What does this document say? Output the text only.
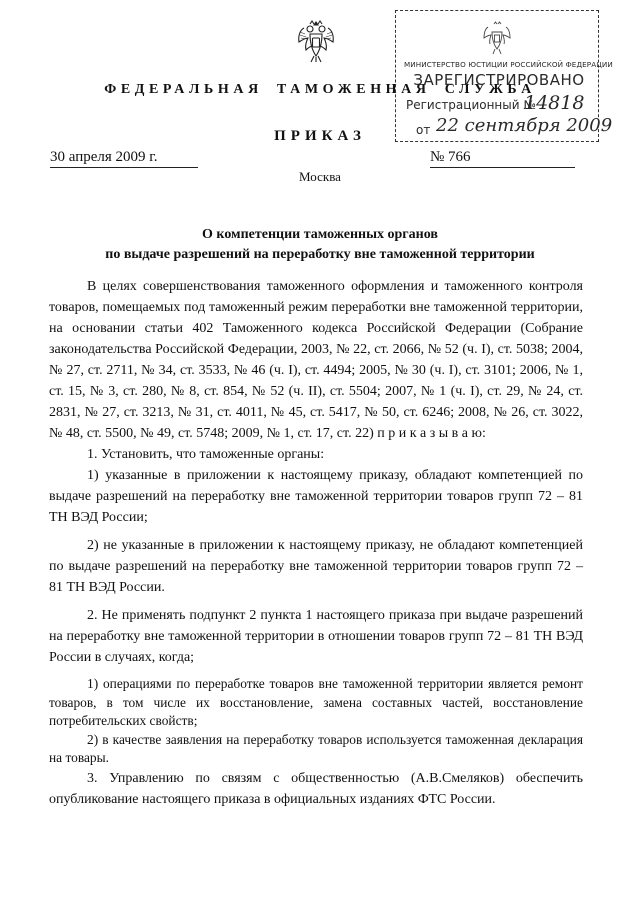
ФЕДЕРАЛЬНАЯ ТАМОЖЕННАЯ СЛУЖБА
ПРИКАЗ
30 апреля 2009 г.	№ 766
Москва
МИНИСТЕРСТВО ЮСТИЦИИ РОССИЙСКОЙ ФЕДЕРАЦИИ
ЗАРЕГИСТРИРОВАНО
Регистрационный №
14818
от 22 сентября 2009
О компетенции таможенных органов
по выдаче разрешений на переработку вне таможенной территории

В целях совершенствования таможенного оформления и таможенного контроля товаров, помещаемых под таможенный режим переработки вне таможенной территории, на основании статьи 402 Таможенного кодекса Российской Федерации (Собрание законодательства Российской Федерации, 2003, № 22, ст. 2066, № 52 (ч. I), ст. 5038; 2004, № 27, ст. 2711, № 34, ст. 3533, № 46 (ч. I), ст. 4494; 2005, № 30 (ч. I), ст. 3101; 2006, № 1, ст. 15, № 3, ст. 280, № 8, ст. 854, № 52 (ч. II), ст. 5504; 2007, № 1 (ч. I), ст. 29, № 24, ст. 2831, № 27, ст. 3213, № 31, ст. 4011, № 45, ст. 5417, № 50, ст. 6246; 2008, № 26, ст. 3022, № 48, ст. 5500, № 49, ст. 5748; 2009, № 1, ст. 17, ст. 22) п р и к а з ы в а ю:

1. Установить, что таможенные органы:

1) указанные в приложении к настоящему приказу, обладают компетенцией по выдаче разрешений на переработку вне таможенной территории товаров групп 72 – 81 ТН ВЭД России;

2) не указанные в приложении к настоящему приказу, не обладают компетенцией по выдаче разрешений на переработку вне таможенной территории товаров групп 72 – 81 ТН ВЭД России.

2. Не применять подпункт 2 пункта 1 настоящего приказа при выдаче разрешений на переработку вне таможенной территории в отношении товаров групп 72 – 81 ТН ВЭД России в случаях, когда;

1) операциями по переработке товаров вне таможенной территории является ремонт товаров, в том числе их восстановление, замена составных частей, восстановление потребительских свойств;

2) в качестве заявления на переработку товаров используется таможенная декларация на товары.

3. Управлению по связям с общественностью (А.В.Смеляков) обеспечить опубликование настоящего приказа в официальных изданиях ФТС России.
